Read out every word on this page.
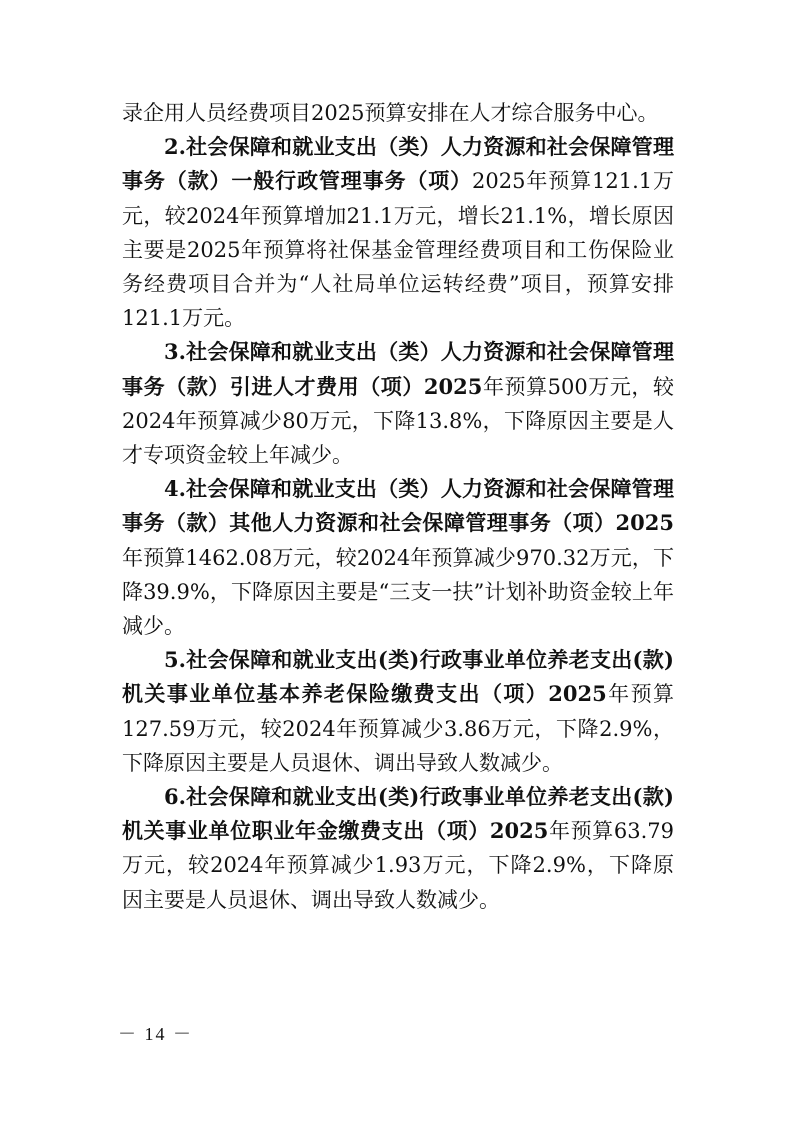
录企用人员经费项目2025预算安排在人才综合服务中心。

2.社会保障和就业支出（类）人力资源和社会保障管理事务（款）一般行政管理事务（项）2025年预算121.1万元，较2024年预算增加21.1万元，增长21.1%，增长原因主要是2025年预算将社保基金管理经费项目和工伤保险业务经费项目合并为“人社局单位运转经费”项目，预算安排121.1万元。

3.社会保障和就业支出（类）人力资源和社会保障管理事务（款）引进人才费用（项）2025年预算500万元，较2024年预算减少80万元，下降13.8%，下降原因主要是人才专项资金较上年减少。

4.社会保障和就业支出（类）人力资源和社会保障管理事务（款）其他人力资源和社会保障管理事务（项）2025年预算1462.08万元，较2024年预算减少970.32万元，下降39.9%，下降原因主要是“三支一扶”计划补助资金较上年减少。

5.社会保障和就业支出(类)行政事业单位养老支出(款)机关事业单位基本养老保险缴费支出（项）2025年预算127.59万元，较2024年预算减少3.86万元，下降2.9%，下降原因主要是人员退休、调出导致人数减少。

6.社会保障和就业支出(类)行政事业单位养老支出(款)机关事业单位职业年金缴费支出（项）2025年预算63.79万元，较2024年预算减少1.93万元，下降2.9%，下降原因主要是人员退休、调出导致人数减少。

－ 14 －
